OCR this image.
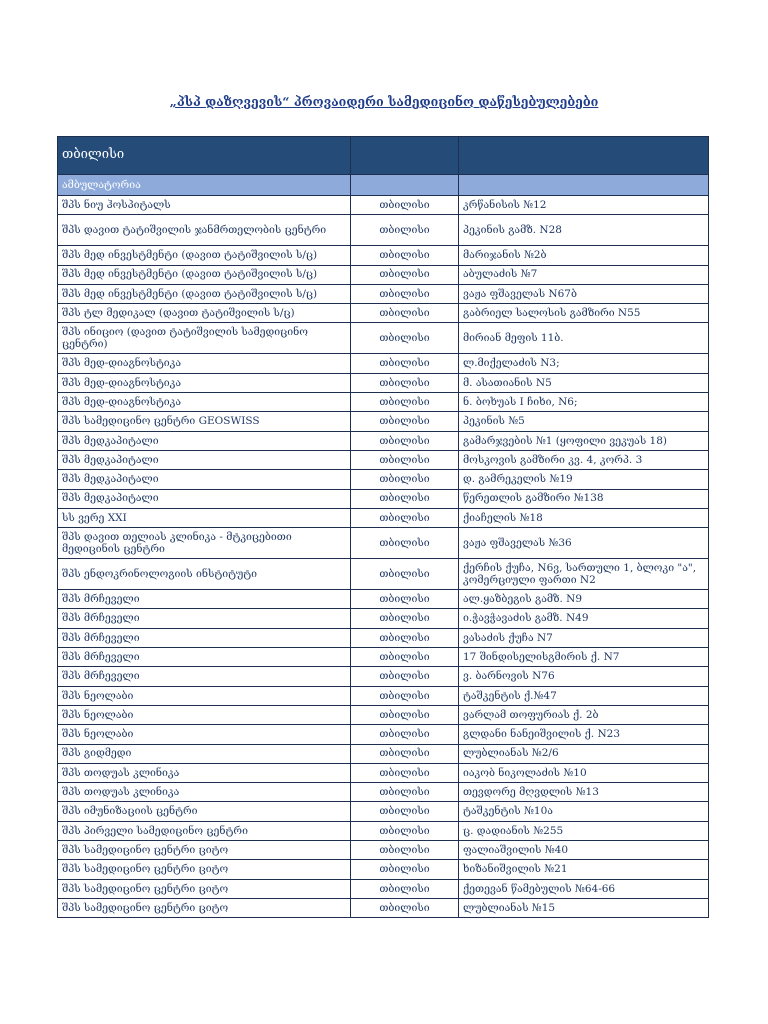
„პსპ დაზღვევის“ პროვაიდერი სამედიცინო დაწესებულებები
თბილისი		
ამბულატორია		
შპს ნიუ ჰოსპიტალს	თბილისი	კრწანისის №12
შპს დავით ტატიშვილის ჯანმრთელობის ცენტრი	თბილისი	პეკინის გამზ. N28
შპს მედ ინვესტმენტი (დავით ტატიშვილის ს/ც)	თბილისი	მარიჯანის №2ბ
შპს მედ ინვესტმენტი (დავით ტატიშვილის ს/ც)	თბილისი	აბულაძის №7
შპს მედ ინვესტმენტი (დავით ტატიშვილის ს/ც)	თბილისი	ვაჟა ფშაველას N67ბ
შპს ტლ მედიკალ (დავით ტატიშვილის ს/ც)	თბილისი	გაბრიელ სალოსის გამზირი N55
შპს ინიციო (დავით ტატიშვილის სამედიცინო ცენტრი)	თბილისი	მირიან მეფის 11ბ.
შპს მედ-დიაგნოსტიკა	თბილისი	ლ.მიქელაძის N3;
შპს მედ-დიაგნოსტიკა	თბილისი	მ. ასათიანის N5
შპს მედ-დიაგნოსტიკა	თბილისი	ნ. ბოხუას I ჩიხი, N6;
შპს სამედიცინო ცენტრი GEOSWISS	თბილისი	პეკინის №5
შპს მედკაპიტალი	თბილისი	გამარჯვების №1 (ყოფილი ვეკუას 18)
შპს მედკაპიტალი	თბილისი	მოსკოვის გამზირი კვ. 4, კორპ. 3
შპს მედკაპიტალი	თბილისი	დ. გამრეკელის №19
შპს მედკაპიტალი	თბილისი	წერეთლის გამზირი №138
სს ვერე XXI	თბილისი	ქიაჩელის №18
შპს დავით თელიას კლინიკა - მტკიცებითი მედიცინის ცენტრი	თბილისი	ვაჟა ფშაველას №36
შპს ენდოკრინოლოგიის ინსტიტუტი	თბილისი	ქერჩის ქუჩა, N6ვ, სართული 1, ბლოკი "ა", კომერციული ფართი N2
შპს მრჩეველი	თბილისი	ალ.ყაზბეგის გამზ. N9
შპს მრჩეველი	თბილისი	ი.ჭავჭავაძის გამზ. N49
შპს მრჩეველი	თბილისი	ვასაძის ქუჩა N7
შპს მრჩეველი	თბილისი	17 შინდისელისგმირის ქ. N7
შპს მრჩეველი	თბილისი	ვ. ბარნოვის N76
შპს ნეოლაბი	თბილისი	ტაშკენტის ქ.№47
შპს ნეოლაბი	თბილისი	ვარლამ თოფურიას ქ. 2ბ
შპს ნეოლაბი	თბილისი	გლდანი ნანეიშვილის ქ. N23
შპს გიდმედი	თბილისი	ლუბლიანას №2/6
შპს თოდუას კლინიკა	თბილისი	იაკობ ნიკოლაძის №10
შპს თოდუას კლინიკა	თბილისი	თევდორე მღვდლის №13
შპს იმუნიზაციის ცენტრი	თბილისი	ტაშკენტის №10ა
შპს პირველი სამედიცინო ცენტრი	თბილისი	ც. დადიანის №255
შპს სამედიცინო ცენტრი ციტო	თბილისი	ფალიაშვილის №40
შპს სამედიცინო ცენტრი ციტო	თბილისი	ხიზანიშვილის №21
შპს სამედიცინო ცენტრი ციტო	თბილისი	ქეთევან წამებულის №64-66
შპს სამედიცინო ცენტრი ციტო	თბილისი	ლუბლიანას №15
